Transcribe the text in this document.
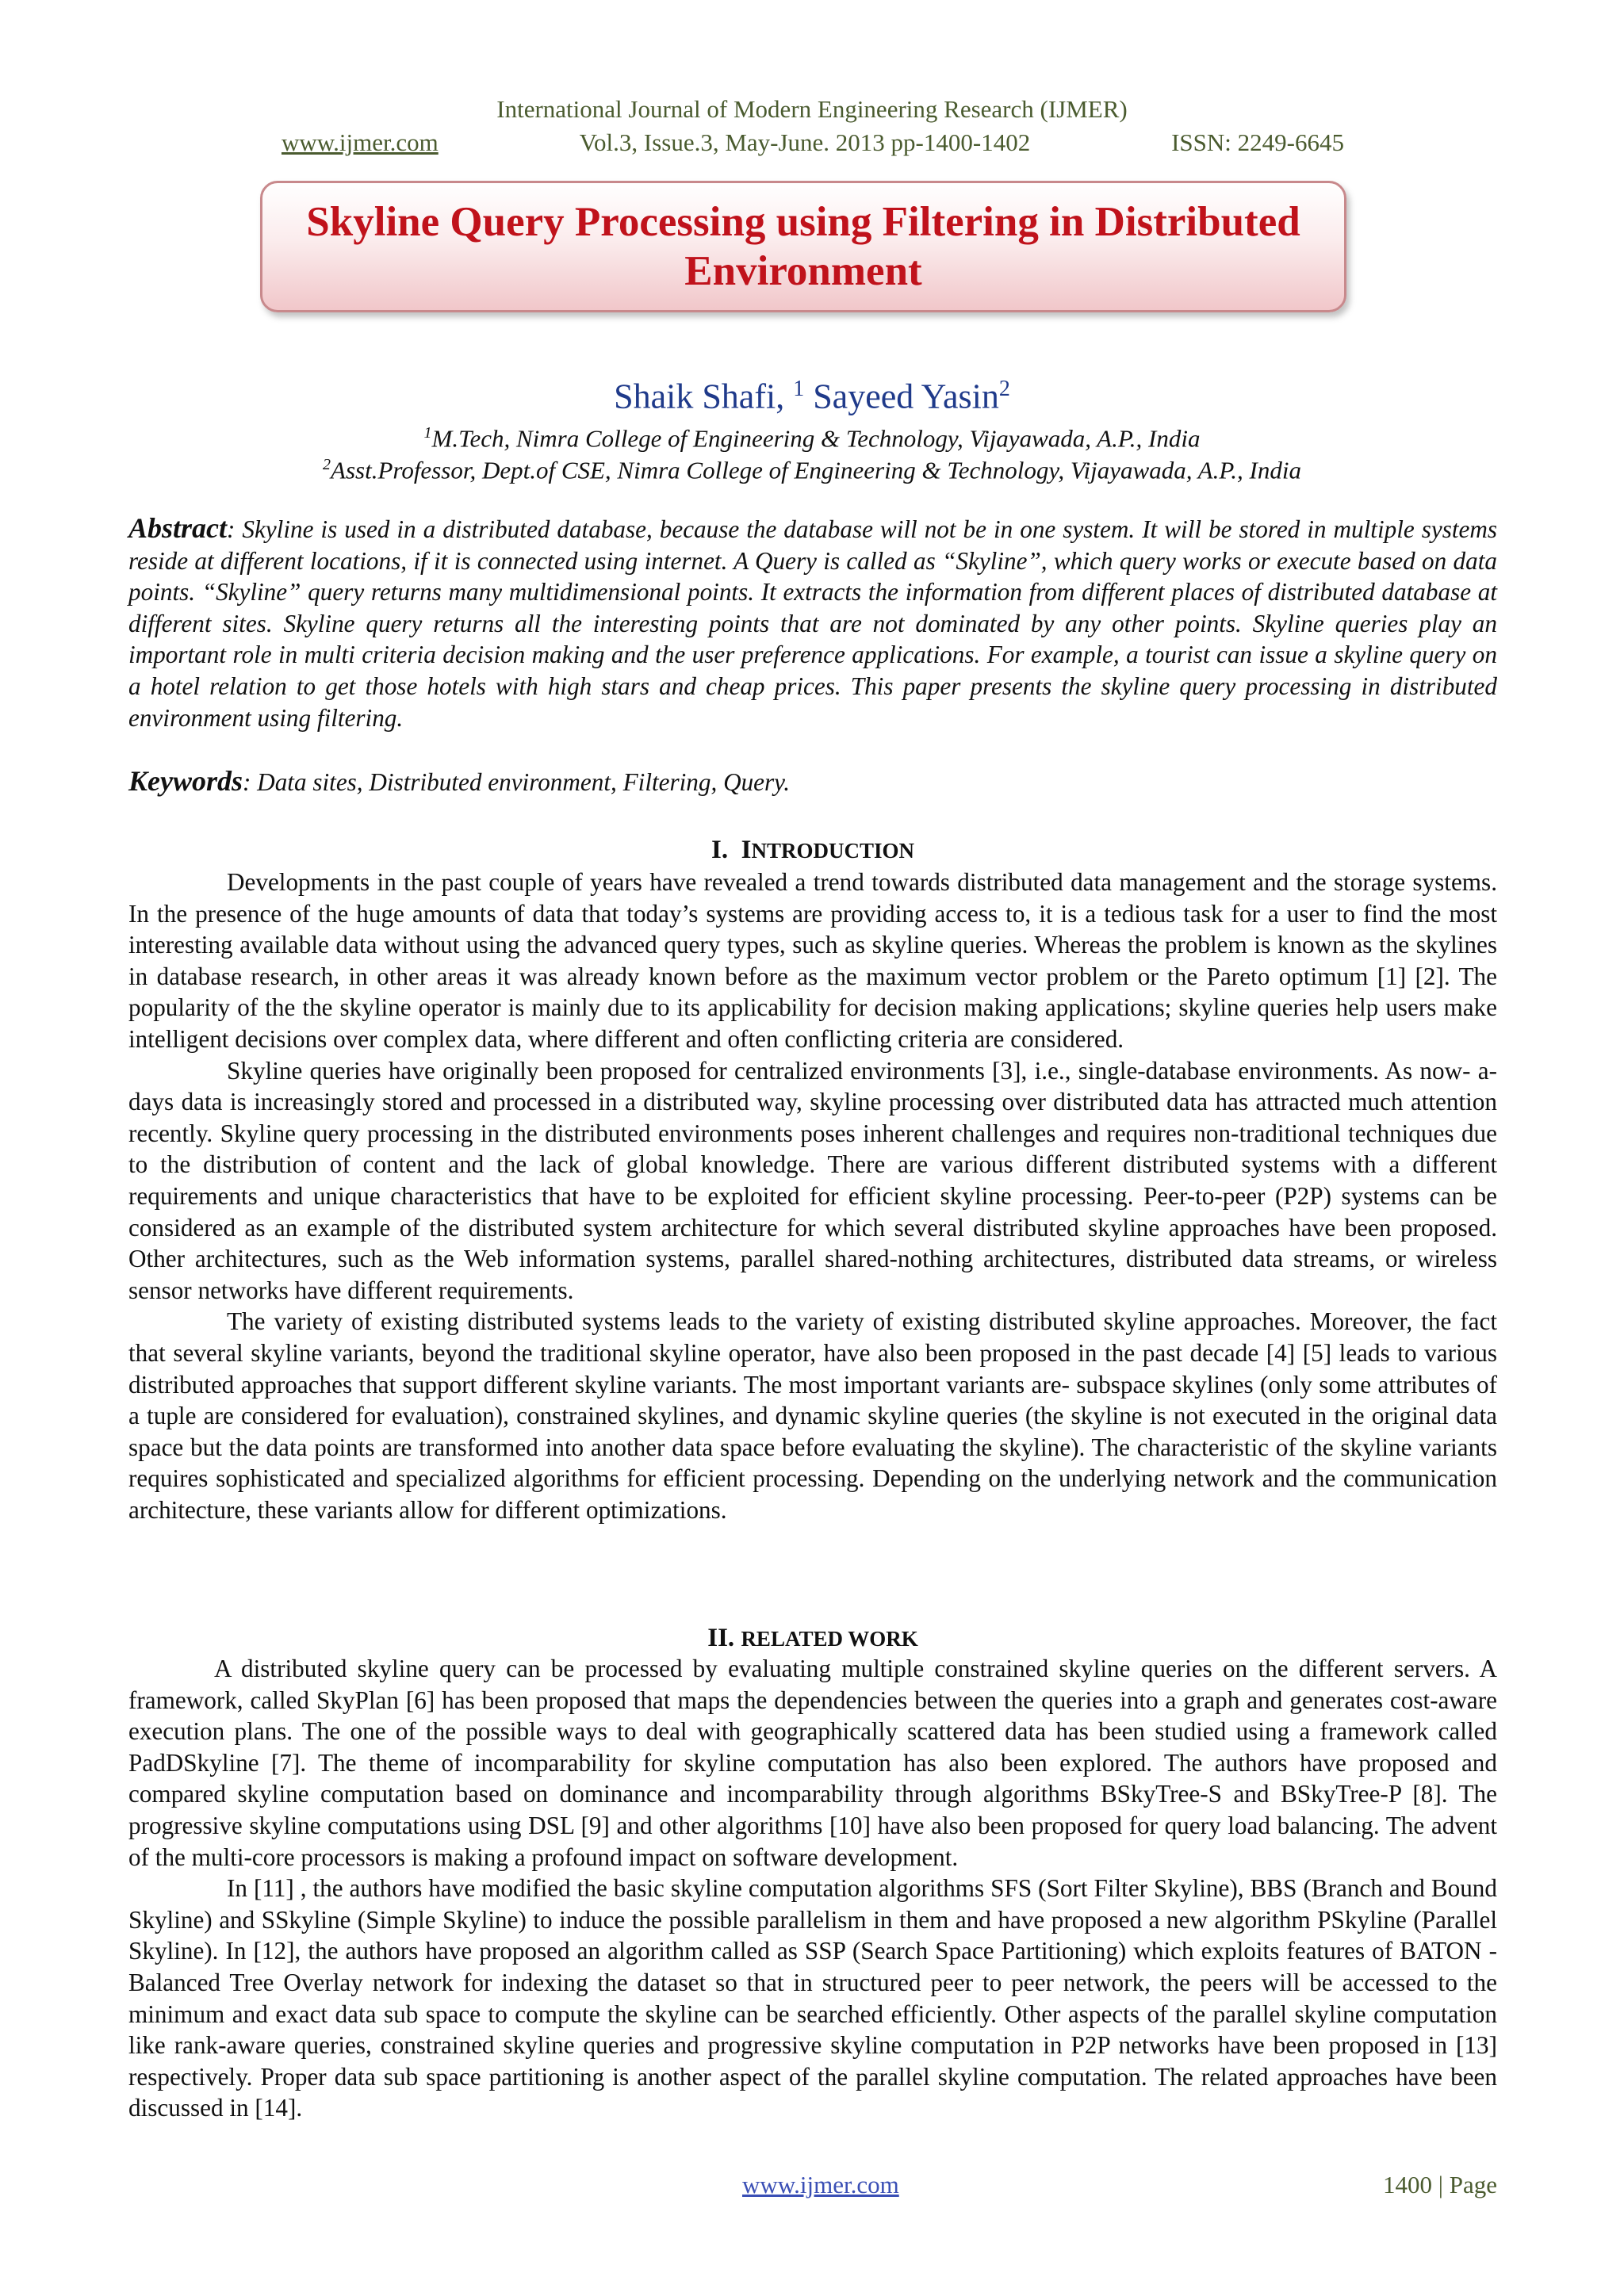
International Journal of Modern Engineering Research (IJMER)
www.ijmer.com	Vol.3, Issue.3, May-June. 2013 pp-1400-1402	ISSN: 2249-6645
Skyline Query Processing using Filtering in Distributed Environment
Shaik Shafi, $^1$ Sayeed Yasin$^2$
$^1$M.Tech, Nimra College of Engineering & Technology, Vijayawada, A.P., India
$^2$Asst.Professor, Dept.of CSE, Nimra College of Engineering & Technology, Vijayawada, A.P., India
Abstract: Skyline is used in a distributed database, because the database will not be in one system. It will be stored in multiple systems reside at different locations, if it is connected using internet. A Query is called as “Skyline”, which query works or execute based on data points. “Skyline” query returns many multidimensional points. It extracts the information from different places of distributed database at different sites. Skyline query returns all the interesting points that are not dominated by any other points. Skyline queries play an important role in multi criteria decision making and the user preference applications. For example, a tourist can issue a skyline query on a hotel relation to get those hotels with high stars and cheap prices. This paper presents the skyline query processing in distributed environment using filtering.
Keywords: Data sites, Distributed environment, Filtering, Query.
I. INTRODUCTION

Developments in the past couple of years have revealed a trend towards distributed data management and the storage systems. In the presence of the huge amounts of data that today’s systems are providing access to, it is a tedious task for a user to find the most interesting available data without using the advanced query types, such as skyline queries. Whereas the problem is known as the skylines in database research, in other areas it was already known before as the maximum vector problem or the Pareto optimum [1] [2]. The popularity of the the skyline operator is mainly due to its applicability for decision making applications; skyline queries help users make intelligent decisions over complex data, where different and often conflicting criteria are considered.

Skyline queries have originally been proposed for centralized environments [3], i.e., single-database environments. As now- a- days data is increasingly stored and processed in a distributed way, skyline processing over distributed data has attracted much attention recently. Skyline query processing in the distributed environments poses inherent challenges and requires non-traditional techniques due to the distribution of content and the lack of global knowledge. There are various different distributed systems with a different requirements and unique characteristics that have to be exploited for efficient skyline processing. Peer-to-peer (P2P) systems can be considered as an example of the distributed system architecture for which several distributed skyline approaches have been proposed. Other architectures, such as the Web information systems, parallel shared-nothing architectures, distributed data streams, or wireless sensor networks have different requirements.

The variety of existing distributed systems leads to the variety of existing distributed skyline approaches. Moreover, the fact that several skyline variants, beyond the traditional skyline operator, have also been proposed in the past decade [4] [5] leads to various distributed approaches that support different skyline variants. The most important variants are- subspace skylines (only some attributes of a tuple are considered for evaluation), constrained skylines, and dynamic skyline queries (the skyline is not executed in the original data space but the data points are transformed into another data space before evaluating the skyline). The characteristic of the skyline variants requires sophisticated and specialized algorithms for efficient processing. Depending on the underlying network and the communication architecture, these variants allow for different optimizations.

II. RELATED WORK

A distributed skyline query can be processed by evaluating multiple constrained skyline queries on the different servers. A framework, called SkyPlan [6] has been proposed that maps the dependencies between the queries into a graph and generates cost-aware execution plans. The one of the possible ways to deal with geographically scattered data has been studied using a framework called PadDSkyline [7]. The theme of incomparability for skyline computation has also been explored. The authors have proposed and compared skyline computation based on dominance and incomparability through algorithms BSkyTree-S and BSkyTree-P [8]. The progressive skyline computations using DSL [9] and other algorithms [10] have also been proposed for query load balancing. The advent of the multi-core processors is making a profound impact on software development.

In [11] , the authors have modified the basic skyline computation algorithms SFS (Sort Filter Skyline), BBS (Branch and Bound Skyline) and SSkyline (Simple Skyline) to induce the possible parallelism in them and have proposed a new algorithm PSkyline (Parallel Skyline). In [12], the authors have proposed an algorithm called as SSP (Search Space Partitioning) which exploits features of BATON -Balanced Tree Overlay network for indexing the dataset so that in structured peer to peer network, the peers will be accessed to the minimum and exact data sub space to compute the skyline can be searched efficiently. Other aspects of the parallel skyline computation like rank-aware queries, constrained skyline queries and progressive skyline computation in P2P networks have been proposed in [13] respectively. Proper data sub space partitioning is another aspect of the parallel skyline computation. The related approaches have been discussed in [14].

www.ijmer.com	1400 | Page
